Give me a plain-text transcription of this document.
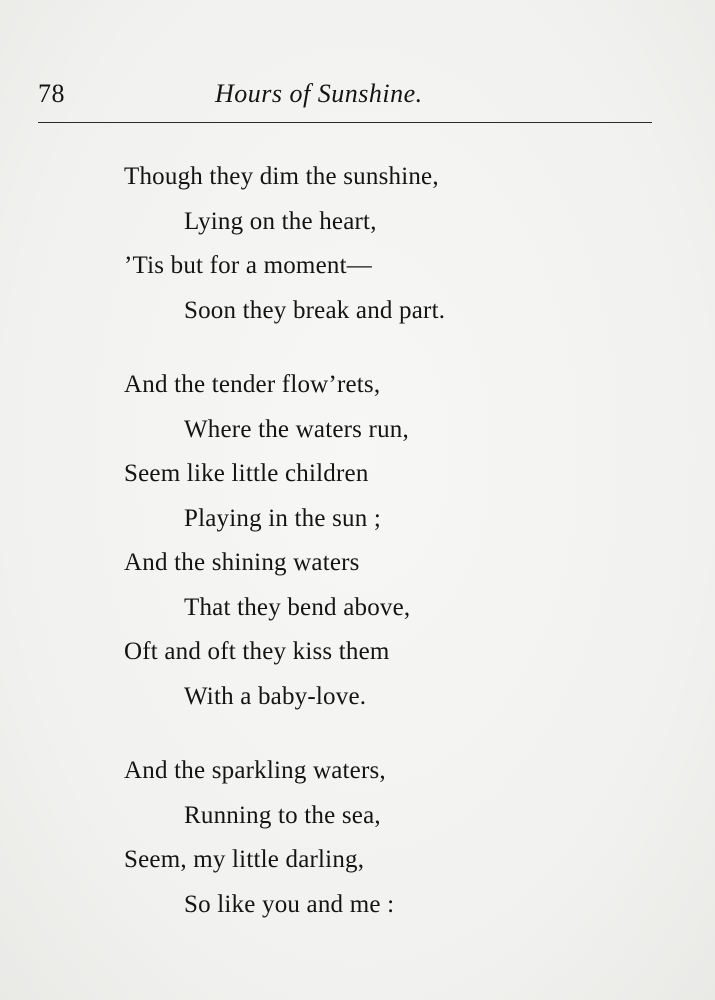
78	Hours of Sunshine.
Though they dim the sunshine,
Lying on the heart,
’Tis but for a moment—
Soon they break and part.
And the tender flow’rets,
Where the waters run,
Seem like little children
Playing in the sun ;
And the shining waters
That they bend above,
Oft and oft they kiss them
With a baby-love.
And the sparkling waters,
Running to the sea,
Seem, my little darling,
So like you and me :
